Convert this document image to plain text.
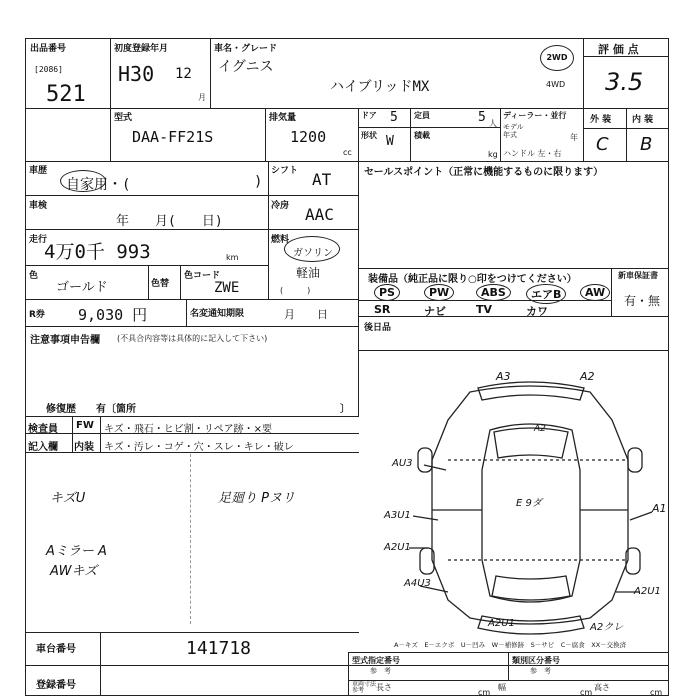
出品番号
[2086]
521
初度登録年月
H30 12
月
車名・グレード
イグニス
ハイブリッドMX
2WD
4WD
評 価 点
3.5
型式
DAA-FF21S
排気量
1200
cc
ドア 5
形状 W
定員	5 人
積載
kg
ディーラー・並行
モデル
年式	年
ハンドル 左・右
外 装 内 装
C B
車歴
自家用・(	)
車検
年　　月(　　日)
走行
4万0千 993	km
色
ゴールド	色替
色コード
ZWE
R券 9,030 円	名変通知期限	月　　日
注意事項申告欄 (不具合内容等は具体的に記入して下さい)
修復歴　　有〔箇所	〕
シフト AT
冷房 AAC
燃料
ガソリン
軽油
(　　　)
セールスポイント（正常に機能するものに限ります）
装備品（純正品に限り○印をつけてください）	新車保証書
有・無
後日品
PS	PW	ABS	エアB	AW
SR	ナビ	TV	カワ
検査員
記入欄
FW キズ・飛石・ヒビ割・リペア跡・×要
内装 キズ・汚レ・コゲ・穴・スレ・キレ・破レ
キズU	足廻り Pヌリ
Aミラー A
AWキズ
A3	A2
A2
AU3
A3U1
A2U1
E 9ダ	A1
A4U3
A2U1
A2U1	A2クレ
A－キズ　E－エクボ　U－凹み　W－補修跡　S－サビ　C－腐食　XX－交換済
車台番号	141718
登録番号
型式指定番号
参　考
類別区分番号
参　考
車両寸法
参考	長さ
cm
幅
cm
高さ
cm
